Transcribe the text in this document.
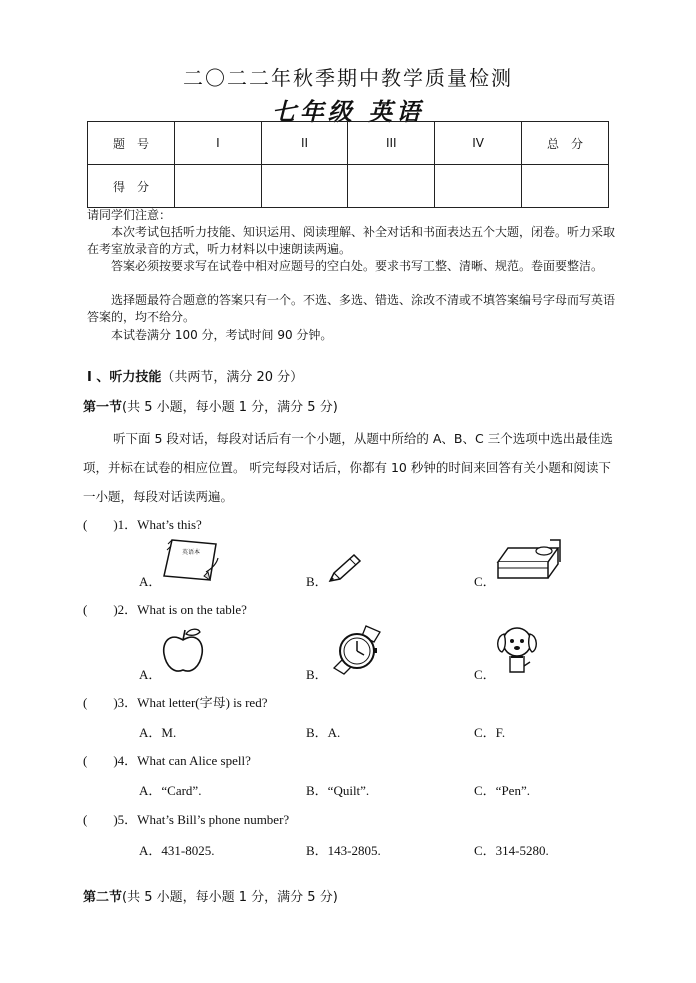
二〇二二年秋季期中教学质量检测
七年级 英语
题　号	I	II	III	IV	总　分
得　分					
请同学们注意：
本次考试包括听力技能、知识运用、阅读理解、补全对话和书面表达五个大题，闭卷。听力采取在考室放录音的方式，听力材料以中速朗读两遍。
答案必须按要求写在试卷中相对应题号的空白处。要求书写工整、清晰、规范。卷面要整洁。
选择题最符合题意的答案只有一个。不选、多选、错选、涂改不清或不填答案编号字母而写英语答案的，均不给分。
本试卷满分 100 分，考试时间 90 分钟。
I 、听力技能（共两节，满分 20 分）
第一节(共 5 小题，每小题 1 分，满分 5 分)
听下面 5 段对话，每段对话后有一个小题，从题中所给的 A、B、C 三个选项中选出最佳选项，并标在试卷的相应位置。 听完每段对话后，你都有 10 秒钟的时间来回答有关小题和阅读下一小题，每段对话读两遍。
(　　)1．What’s this?
A．	B．	C．
英语本
(　　)2．What is on the table?
A．	B．	C．
(　　)3．What letter(字母) is red?
A．M.	B．A.	C．F.
(　　)4．What can Alice spell?
A．“Card”.	B．“Quilt”.	C．“Pen”.
(　　)5．What’s Bill’s phone number?
A．431-8025.	B．143-2805.	C．314-5280.
第二节(共 5 小题，每小题 1 分，满分 5 分)
